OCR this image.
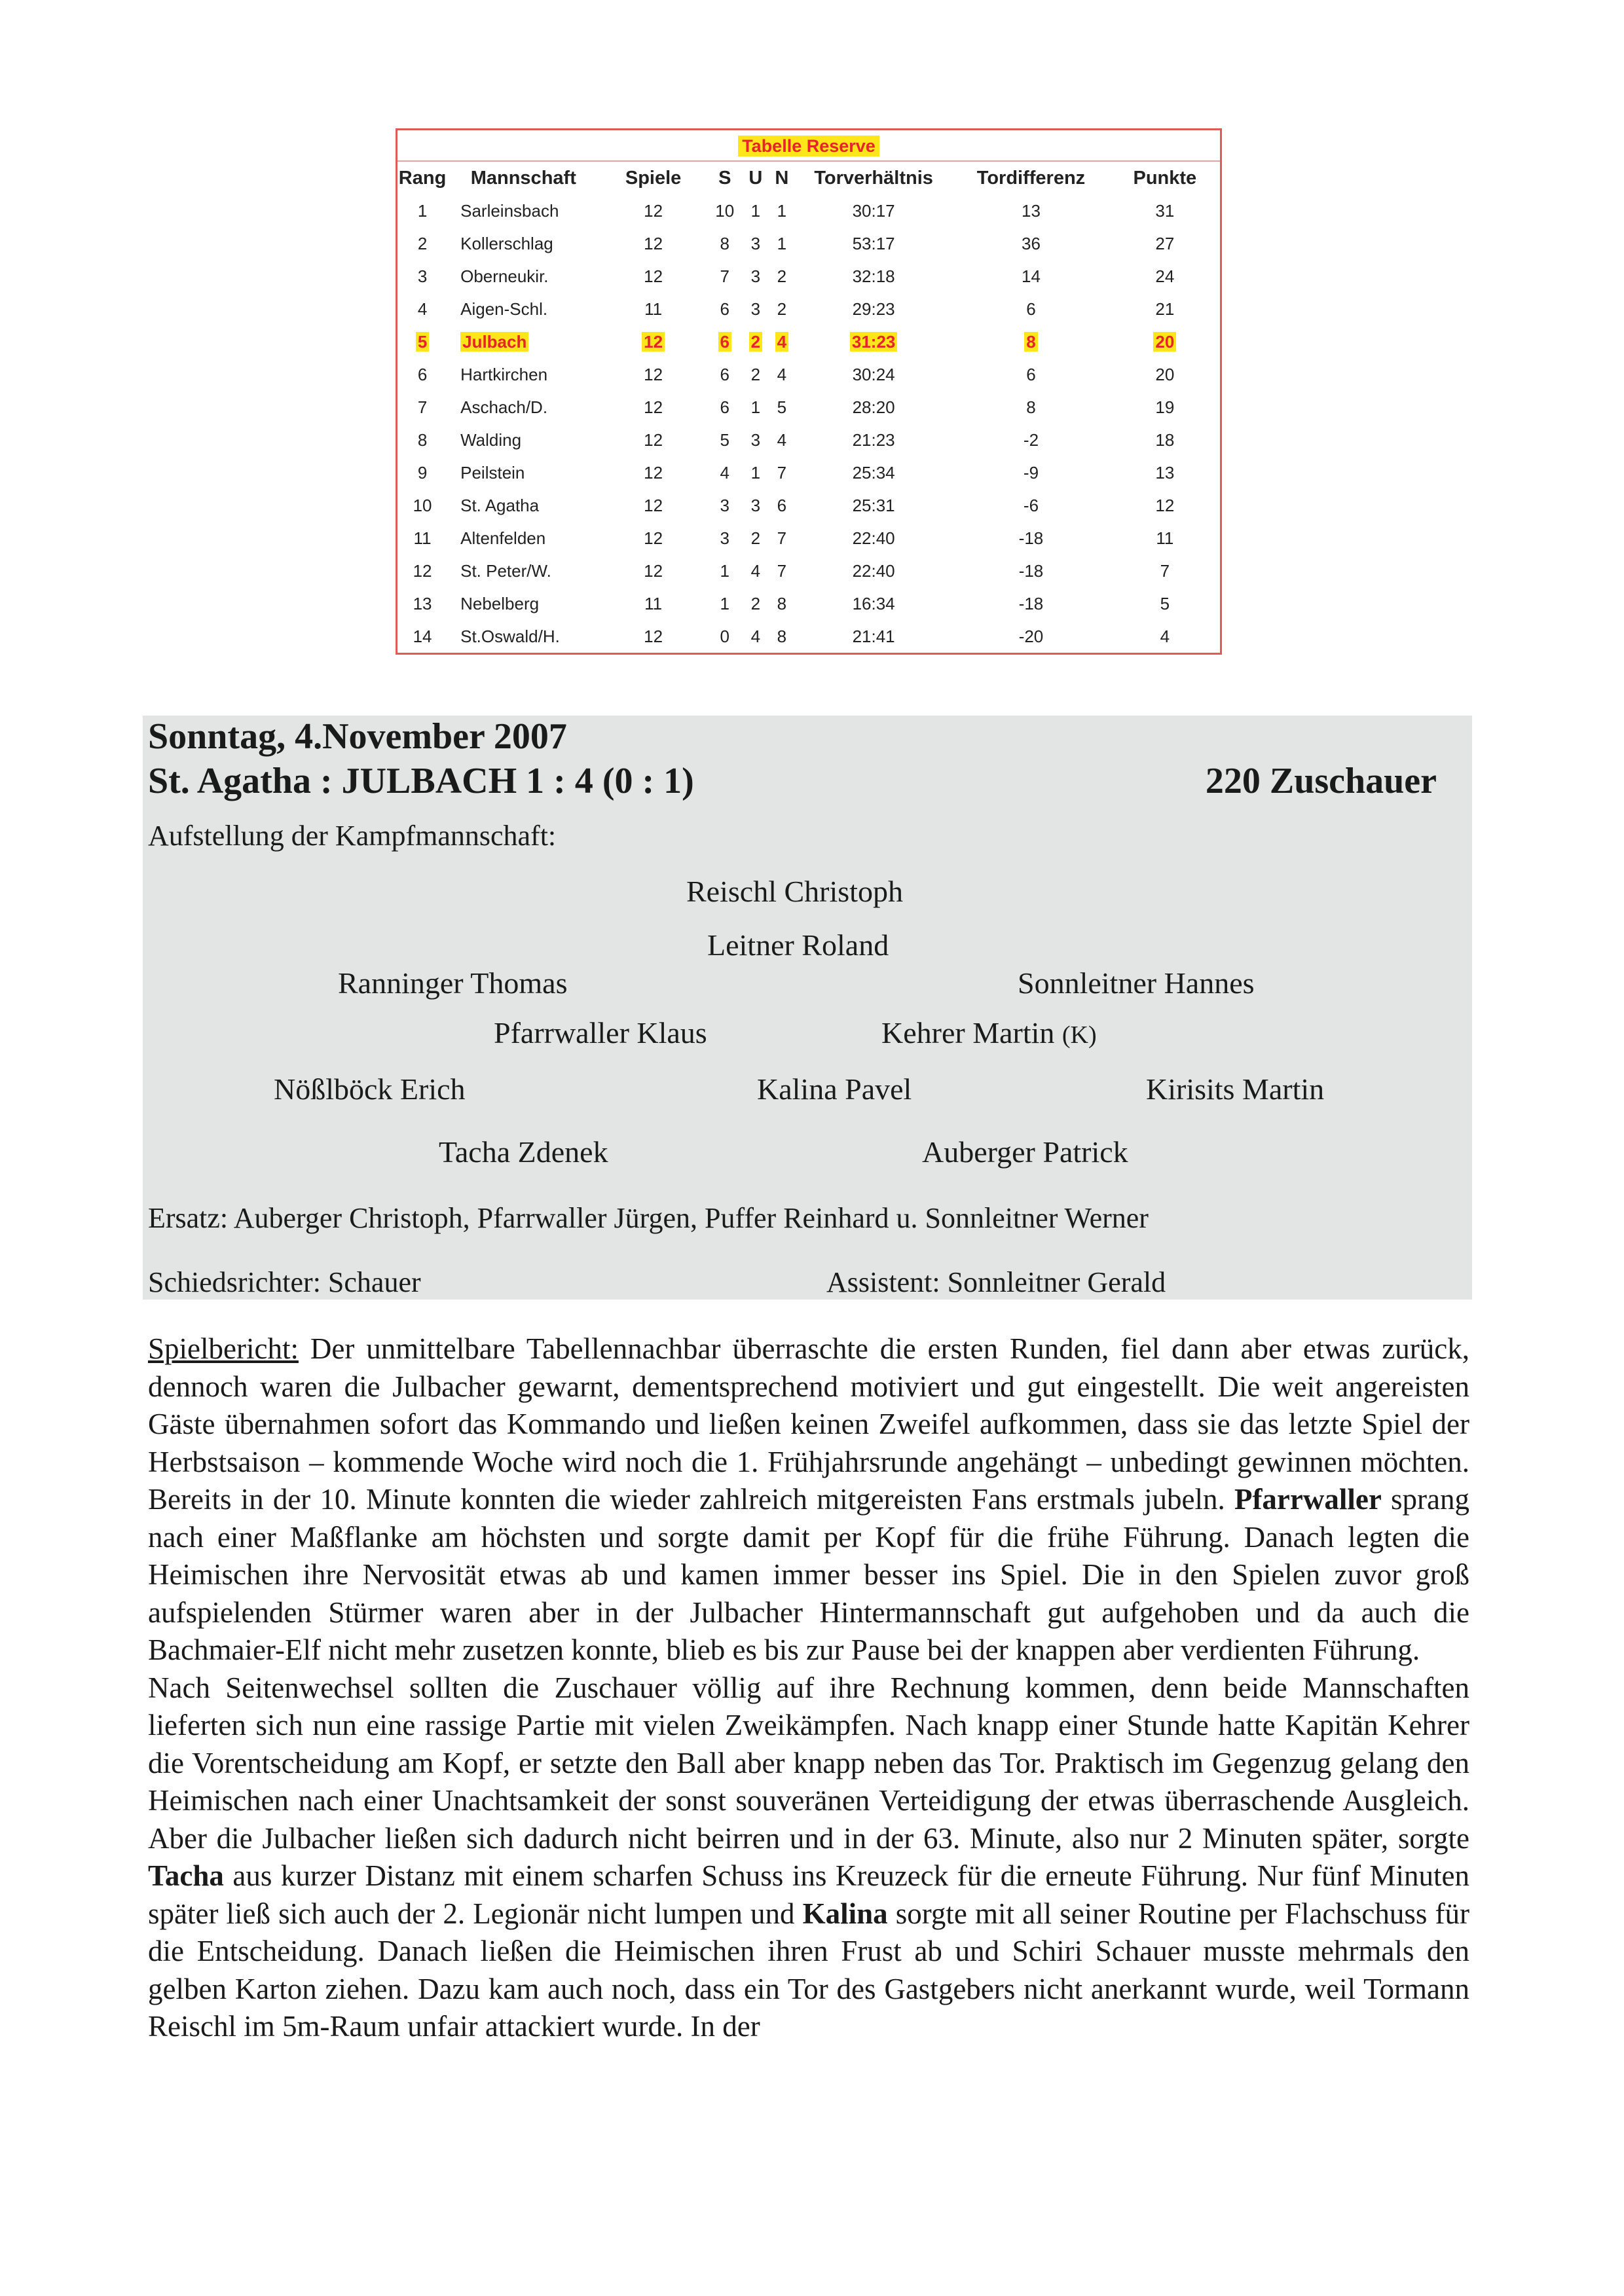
Tabelle Reserve
Rang	Mannschaft	Spiele	S	U	N	Torverhältnis	Tordifferenz	Punkte
1	Sarleinsbach	12	10	1	1	30:17	13	31
2	Kollerschlag	12	8	3	1	53:17	36	27
3	Oberneukir.	12	7	3	2	32:18	14	24
4	Aigen-Schl.	11	6	3	2	29:23	6	21
5	Julbach	12	6	2	4	31:23	8	20
6	Hartkirchen	12	6	2	4	30:24	6	20
7	Aschach/D.	12	6	1	5	28:20	8	19
8	Walding	12	5	3	4	21:23	-2	18
9	Peilstein	12	4	1	7	25:34	-9	13
10	St. Agatha	12	3	3	6	25:31	-6	12
11	Altenfelden	12	3	2	7	22:40	-18	11
12	St. Peter/W.	12	1	4	7	22:40	-18	7
13	Nebelberg	11	1	2	8	16:34	-18	5
14	St.Oswald/H.	12	0	4	8	21:41	-20	4
Sonntag, 4.November 2007
St. Agatha : JULBACH 1 : 4 (0 : 1)	220 Zuschauer
Aufstellung der Kampfmannschaft:
Reischl Christoph
Leitner Roland
Ranninger Thomas	Sonnleitner Hannes
Pfarrwaller Klaus	Kehrer Martin (K)
Nößlböck Erich	Kalina Pavel	Kirisits Martin
Tacha Zdenek	Auberger Patrick
Ersatz: Auberger Christoph, Pfarrwaller Jürgen, Puffer Reinhard u. Sonnleitner Werner
Schiedsrichter: Schauer	Assistent: Sonnleitner Gerald

Spielbericht: Der unmittelbare Tabellennachbar überraschte die ersten Runden, fiel dann aber etwas zurück, dennoch waren die Julbacher gewarnt, dementsprechend motiviert und gut eingestellt. Die weit angereisten Gäste übernahmen sofort das Kommando und ließen keinen Zweifel aufkommen, dass sie das letzte Spiel der Herbstsaison – kommende Woche wird noch die 1. Frühjahrsrunde angehängt – unbedingt gewinnen möchten. Bereits in der 10. Minute konnten die wieder zahlreich mitgereisten Fans erstmals jubeln. Pfarrwaller sprang nach einer Maßflanke am höchsten und sorgte damit per Kopf für die frühe Führung. Danach legten die Heimischen ihre Nervosität etwas ab und kamen immer besser ins Spiel. Die in den Spielen zuvor groß aufspielenden Stürmer waren aber in der Julbacher Hintermannschaft gut aufgehoben und da auch die Bachmaier-Elf nicht mehr zusetzen konnte, blieb es bis zur Pause bei der knappen aber verdienten Führung.

Nach Seitenwechsel sollten die Zuschauer völlig auf ihre Rechnung kommen, denn beide Mannschaften lieferten sich nun eine rassige Partie mit vielen Zweikämpfen. Nach knapp einer Stunde hatte Kapitän Kehrer die Vorentscheidung am Kopf, er setzte den Ball aber knapp neben das Tor. Praktisch im Gegenzug gelang den Heimischen nach einer Unachtsamkeit der sonst souveränen Verteidigung der etwas überraschende Ausgleich. Aber die Julbacher ließen sich dadurch nicht beirren und in der 63. Minute, also nur 2 Minuten später, sorgte Tacha aus kurzer Distanz mit einem scharfen Schuss ins Kreuzeck für die erneute Führung. Nur fünf Minuten später ließ sich auch der 2. Legionär nicht lumpen und Kalina sorgte mit all seiner Routine per Flachschuss für die Entscheidung. Danach ließen die Heimischen ihren Frust ab und Schiri Schauer musste mehrmals den gelben Karton ziehen. Dazu kam auch noch, dass ein Tor des Gastgebers nicht anerkannt wurde, weil Tormann Reischl im 5m-Raum unfair attackiert wurde. In der
